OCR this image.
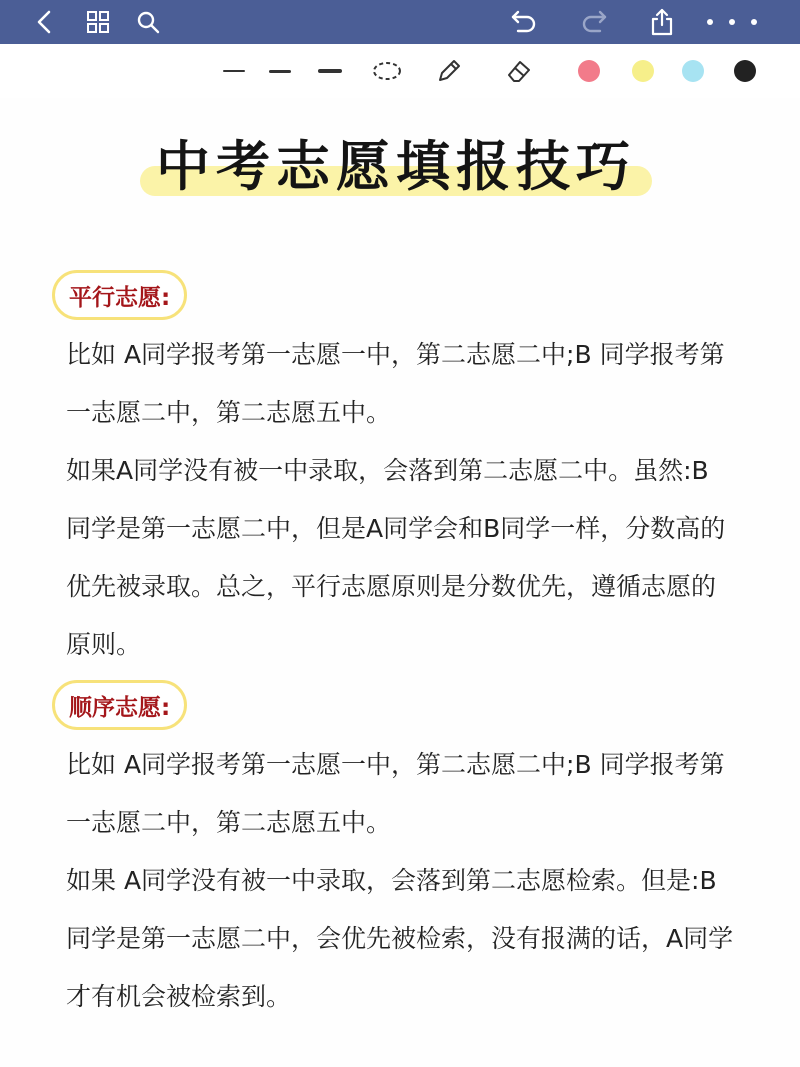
中考志愿填报技巧
平行志愿:
比如 A同学报考第一志愿一中，第二志愿二中;B 同学报考第
一志愿二中，第二志愿五中。
如果A同学没有被一中录取，会落到第二志愿二中。虽然:B
同学是第一志愿二中，但是A同学会和B同学一样，分数高的
优先被录取。总之，平行志愿原则是分数优先，遵循志愿的
原则。
顺序志愿:
比如 A同学报考第一志愿一中，第二志愿二中;B 同学报考第
一志愿二中，第二志愿五中。
如果 A同学没有被一中录取，会落到第二志愿检索。但是:B
同学是第一志愿二中，会优先被检索，没有报满的话，A同学
才有机会被检索到。
